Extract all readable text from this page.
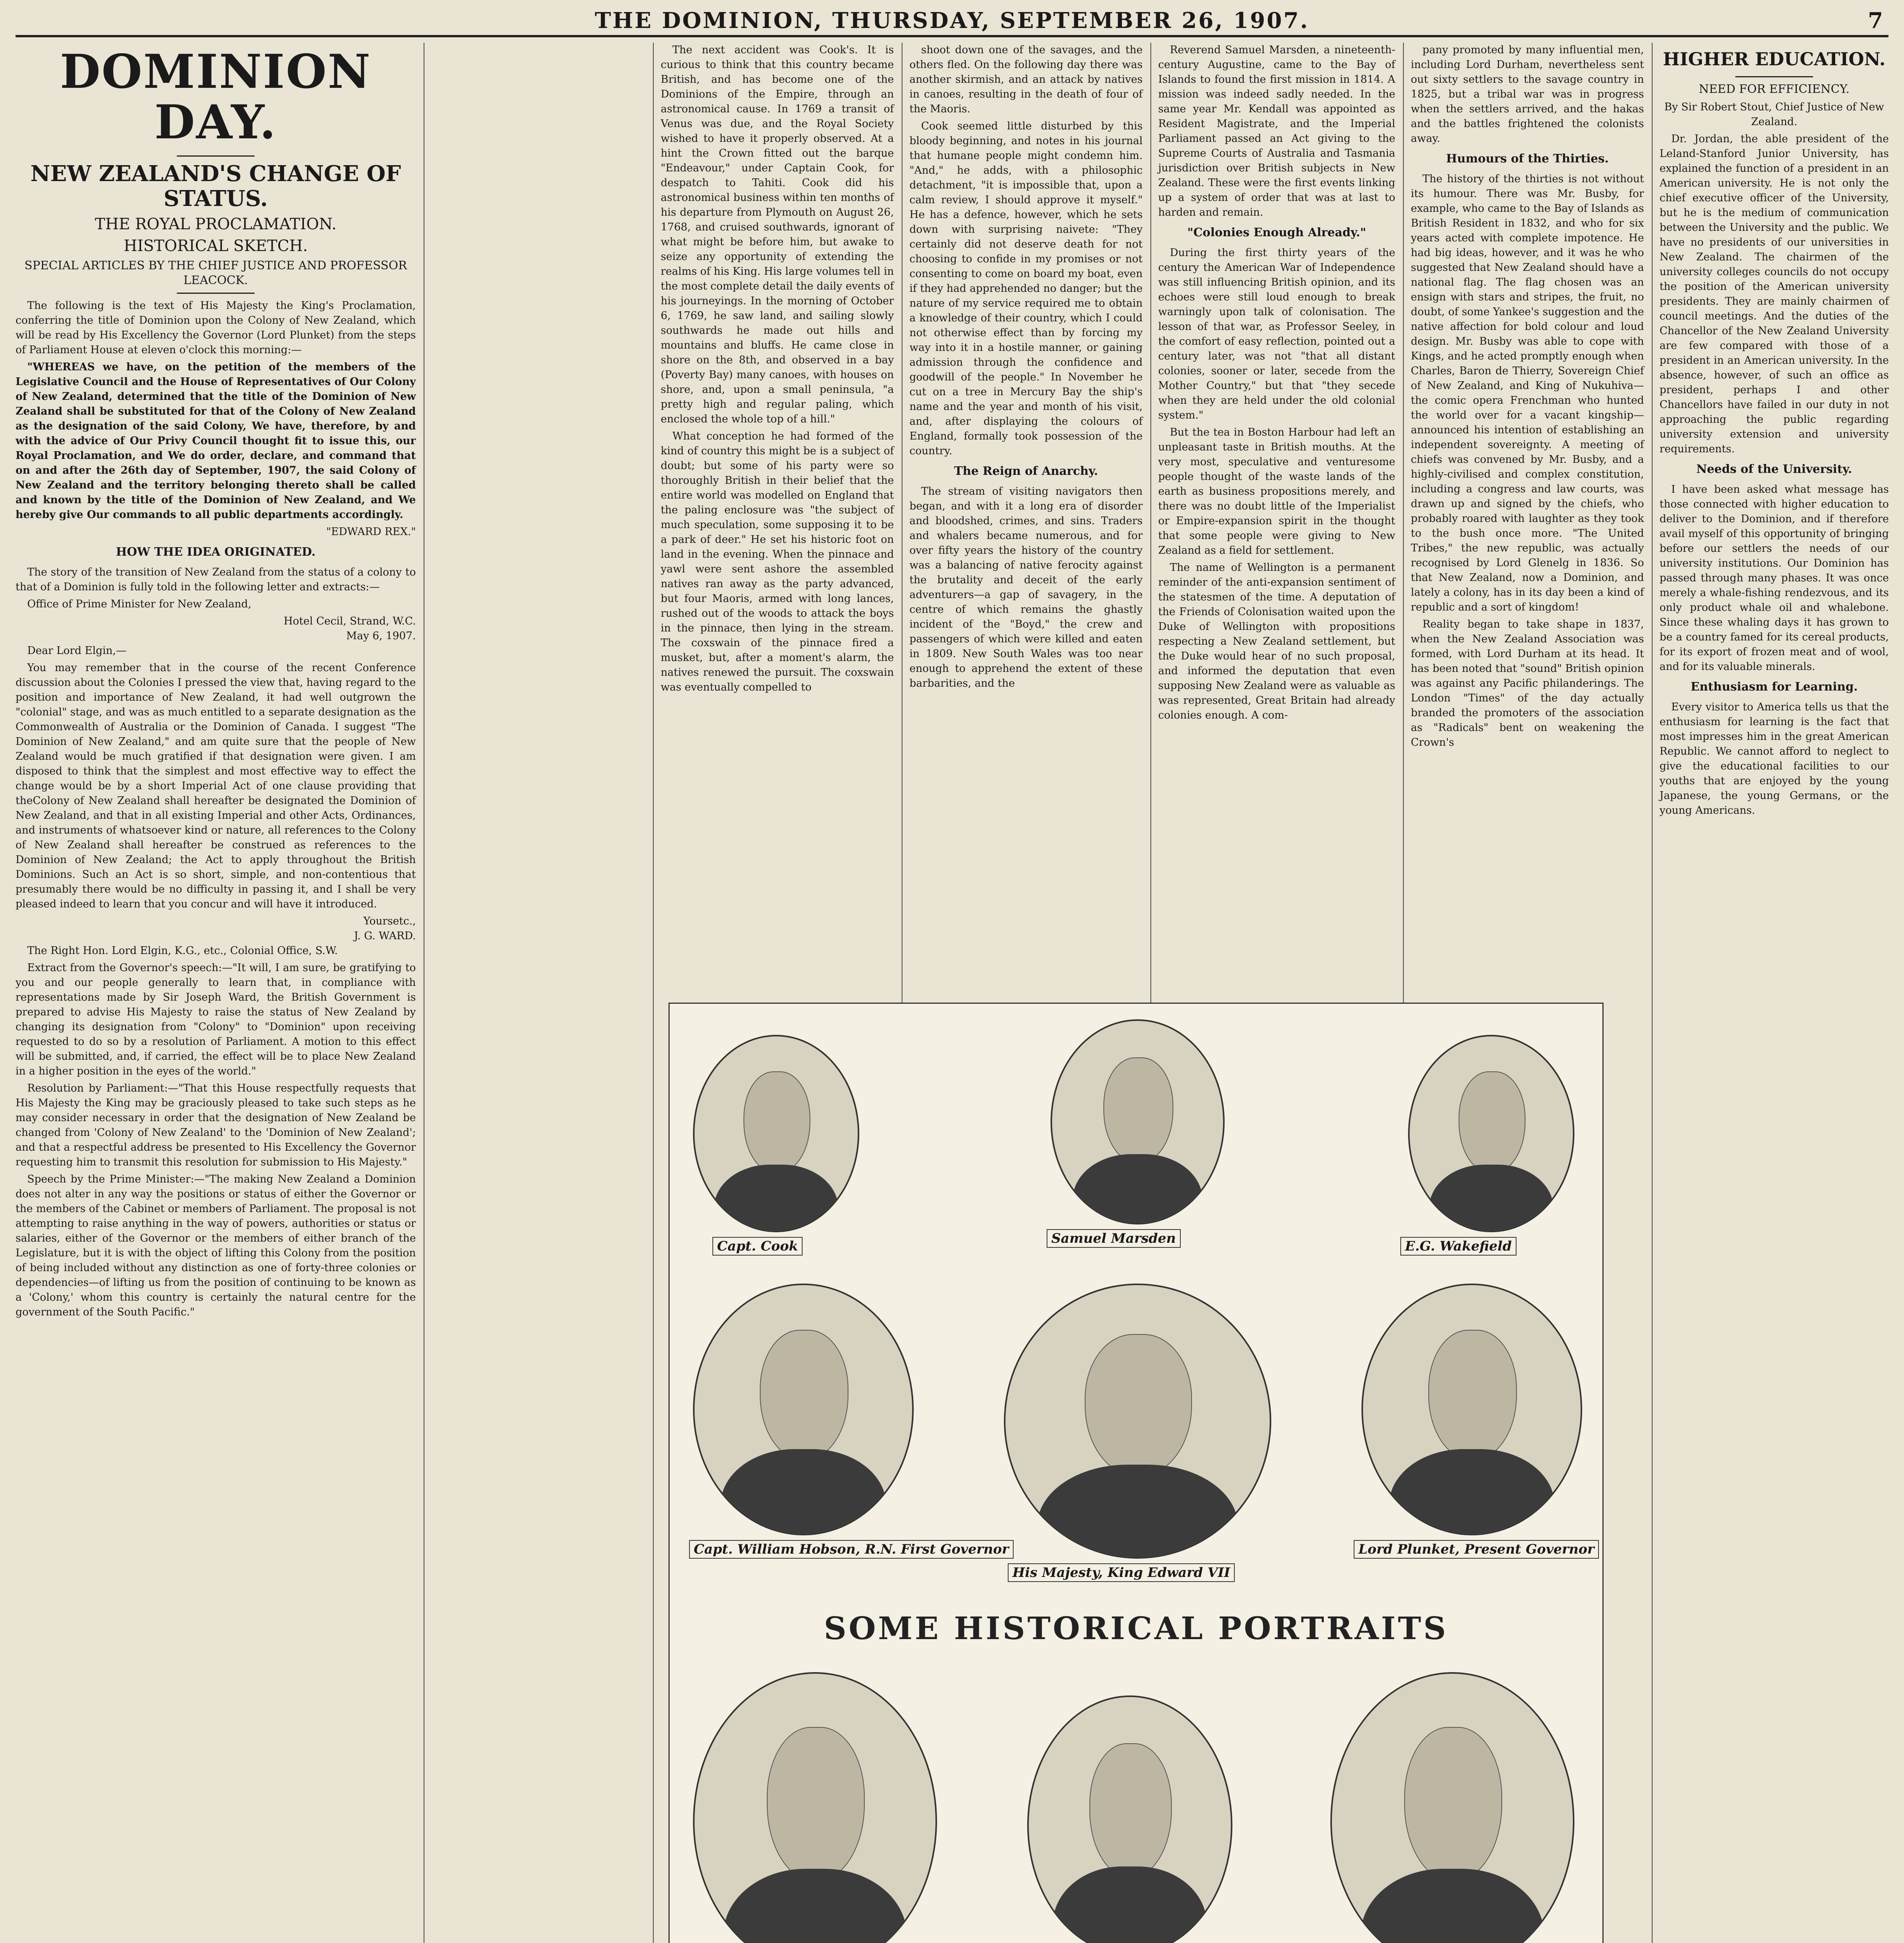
THE DOMINION, THURSDAY, SEPTEMBER 26, 1907.	7
DOMINION DAY.
NEW ZEALAND'S CHANGE OF STATUS.
THE ROYAL PROCLAMATION.
HISTORICAL SKETCH.
SPECIAL ARTICLES BY THE CHIEF JUSTICE AND PROFESSOR LEACOCK.

The following is the text of His Majesty the King's Proclamation, conferring the title of Dominion upon the Colony of New Zealand, which will be read by His Excellency the Governor (Lord Plunket) from the steps of Parliament House at eleven o'clock this morning:—

"WHEREAS we have, on the petition of the members of the Legislative Council and the House of Representatives of Our Colony of New Zealand, determined that the title of the Dominion of New Zealand shall be substituted for that of the Colony of New Zealand as the designation of the said Colony, We have, therefore, by and with the advice of Our Privy Council thought fit to issue this, our Royal Proclamation, and We do order, declare, and command that on and after the 26th day of September, 1907, the said Colony of New Zealand and the territory belonging thereto shall be called and known by the title of the Dominion of New Zealand, and We hereby give Our commands to all public departments accordingly.

"EDWARD REX."
HOW THE IDEA ORIGINATED.

The story of the transition of New Zealand from the status of a colony to that of a Dominion is fully told in the following letter and extracts:—

Office of Prime Minister for New Zealand,

Hotel Cecil, Strand, W.C.
May 6, 1907.

Dear Lord Elgin,—

You may remember that in the course of the recent Conference discussion about the Colonies I pressed the view that, having regard to the position and importance of New Zealand, it had well outgrown the "colonial" stage, and was as much entitled to a separate designation as the Commonwealth of Australia or the Dominion of Canada. I suggest "The Dominion of New Zealand," and am quite sure that the people of New Zealand would be much gratified if that designation were given. I am disposed to think that the simplest and most effective way to effect the change would be by a short Imperial Act of one clause providing that theColony of New Zealand shall hereafter be designated the Dominion of New Zealand, and that in all existing Imperial and other Acts, Ordinances, and instruments of whatsoever kind or nature, all references to the Colony of New Zealand shall hereafter be construed as references to the Dominion of New Zealand; the Act to apply throughout the British Dominions. Such an Act is so short, simple, and non-contentious that presumably there would be no difficulty in passing it, and I shall be very pleased indeed to learn that you concur and will have it introduced.

Yoursetc.,
J. G. WARD.

The Right Hon. Lord Elgin, K.G., etc., Colonial Office, S.W.

Extract from the Governor's speech:—"It will, I am sure, be gratifying to you and our people generally to learn that, in compliance with representations made by Sir Joseph Ward, the British Government is prepared to advise His Majesty to raise the status of New Zealand by changing its designation from "Colony" to "Dominion" upon receiving requested to do so by a resolution of Parliament. A motion to this effect will be submitted, and, if carried, the effect will be to place New Zealand in a higher position in the eyes of the world."

Resolution by Parliament:—"That this House respectfully requests that His Majesty the King may be graciously pleased to take such steps as he may consider necessary in order that the designation of New Zealand be changed from 'Colony of New Zealand' to the 'Dominion of New Zealand'; and that a respectful address be presented to His Excellency the Governor requesting him to transmit this resolution for submission to His Majesty."

Speech by the Prime Minister:—"The making New Zealand a Dominion does not alter in any way the positions or status of either the Governor or the members of the Cabinet or members of Parliament. The proposal is not attempting to raise anything in the way of powers, authorities or status or salaries, either of the Governor or the members of either branch of the Legislature, but it is with the object of lifting this Colony from the position of being included without any distinction as one of forty-three colonies or dependencies—of lifting us from the position of continuing to be known as a 'Colony,' whom this country is certainly the natural centre for the government of the South Pacific."

The next accident was Cook's. It is curious to think that this country became British, and has become one of the Dominions of the Empire, through an astronomical cause. In 1769 a transit of Venus was due, and the Royal Society wished to have it properly observed. At a hint the Crown fitted out the barque "Endeavour," under Captain Cook, for despatch to Tahiti. Cook did his astronomical business within ten months of his departure from Plymouth on August 26, 1768, and cruised southwards, ignorant of what might be before him, but awake to seize any opportunity of extending the realms of his King. His large volumes tell in the most complete detail the daily events of his journeyings. In the morning of October 6, 1769, he saw land, and sailing slowly southwards he made out hills and mountains and bluffs. He came close in shore on the 8th, and observed in a bay (Poverty Bay) many canoes, with houses on shore, and, upon a small peninsula, "a pretty high and regular paling, which enclosed the whole top of a hill."

What conception he had formed of the kind of country this might be is a subject of doubt; but some of his party were so thoroughly British in their belief that the entire world was modelled on England that the paling enclosure was "the subject of much speculation, some supposing it to be a park of deer." He set his historic foot on land in the evening. When the pinnace and yawl were sent ashore the assembled natives ran away as the party advanced, but four Maoris, armed with long lances, rushed out of the woods to attack the boys in the pinnace, then lying in the stream. The coxswain of the pinnace fired a musket, but, after a moment's alarm, the natives renewed the pursuit. The coxswain was eventually compelled to

shoot down one of the savages, and the others fled. On the following day there was another skirmish, and an attack by natives in canoes, resulting in the death of four of the Maoris.

Cook seemed little disturbed by this bloody beginning, and notes in his journal that humane people might condemn him. "And," he adds, with a philosophic detachment, "it is impossible that, upon a calm review, I should approve it myself." He has a defence, however, which he sets down with surprising naivete: "They certainly did not deserve death for not choosing to confide in my promises or not consenting to come on board my boat, even if they had apprehended no danger; but the nature of my service required me to obtain a knowledge of their country, which I could not otherwise effect than by forcing my way into it in a hostile manner, or gaining admission through the confidence and goodwill of the people." In November he cut on a tree in Mercury Bay the ship's name and the year and month of his visit, and, after displaying the colours of England, formally took possession of the country.

The Reign of Anarchy.

The stream of visiting navigators then began, and with it a long era of disorder and bloodshed, crimes, and sins. Traders and whalers became numerous, and for over fifty years the history of the country was a balancing of native ferocity against the brutality and deceit of the early adventurers—a gap of savagery, in the centre of which remains the ghastly incident of the "Boyd," the crew and passengers of which were killed and eaten in 1809. New South Wales was too near enough to apprehend the extent of these barbarities, and the

Reverend Samuel Marsden, a nineteenth-century Augustine, came to the Bay of Islands to found the first mission in 1814. A mission was indeed sadly needed. In the same year Mr. Kendall was appointed as Resident Magistrate, and the Imperial Parliament passed an Act giving to the Supreme Courts of Australia and Tasmania jurisdiction over British subjects in New Zealand. These were the first events linking up a system of order that was at last to harden and remain.

"Colonies Enough Already."

During the first thirty years of the century the American War of Independence was still influencing British opinion, and its echoes were still loud enough to break warningly upon talk of colonisation. The lesson of that war, as Professor Seeley, in the comfort of easy reflection, pointed out a century later, was not "that all distant colonies, sooner or later, secede from the Mother Country," but that "they secede when they are held under the old colonial system."

But the tea in Boston Harbour had left an unpleasant taste in British mouths. At the very most, speculative and venturesome people thought of the waste lands of the earth as business propositions merely, and there was no doubt little of the Imperialist or Empire-expansion spirit in the thought that some people were giving to New Zealand as a field for settlement.

The name of Wellington is a permanent reminder of the anti-expansion sentiment of the statesmen of the time. A deputation of the Friends of Colonisation waited upon the Duke of Wellington with propositions respecting a New Zealand settlement, but the Duke would hear of no such proposal, and informed the deputation that even supposing New Zealand were as valuable as was represented, Great Britain had already colonies enough. A com-

pany promoted by many influential men, including Lord Durham, nevertheless sent out sixty settlers to the savage country in 1825, but a tribal war was in progress when the settlers arrived, and the hakas and the battles frightened the colonists away.

Humours of the Thirties.

The history of the thirties is not without its humour. There was Mr. Busby, for example, who came to the Bay of Islands as British Resident in 1832, and who for six years acted with complete impotence. He had big ideas, however, and it was he who suggested that New Zealand should have a national flag. The flag chosen was an ensign with stars and stripes, the fruit, no doubt, of some Yankee's suggestion and the native affection for bold colour and loud design. Mr. Busby was able to cope with Kings, and he acted promptly enough when Charles, Baron de Thierry, Sovereign Chief of New Zealand, and King of Nukuhiva—the comic opera Frenchman who hunted the world over for a vacant kingship—announced his intention of establishing an independent sovereignty. A meeting of chiefs was convened by Mr. Busby, and a highly-civilised and complex constitution, including a congress and law courts, was drawn up and signed by the chiefs, who probably roared with laughter as they took to the bush once more. "The United Tribes," the new republic, was actually recognised by Lord Glenelg in 1836. So that New Zealand, now a Dominion, and lately a colony, has in its day been a kind of republic and a sort of kingdom!

Reality began to take shape in 1837, when the New Zealand Association was formed, with Lord Durham at its head. It has been noted that "sound" British opinion was against any Pacific philanderings. The London "Times" of the day actually branded the promoters of the association as "Radicals" bent on weakening the Crown's

HIGHER EDUCATION.
NEED FOR EFFICIENCY.

By Sir Robert Stout, Chief Justice of New Zealand.

Dr. Jordan, the able president of the Leland-Stanford Junior University, has explained the function of a president in an American university. He is not only the chief executive officer of the University, but he is the medium of communication between the University and the public. We have no presidents of our universities in New Zealand. The chairmen of the university colleges councils do not occupy the position of the American university presidents. They are mainly chairmen of council meetings. And the duties of the Chancellor of the New Zealand University are few compared with those of a president in an American university. In the absence, however, of such an office as president, perhaps I and other Chancellors have failed in our duty in not approaching the public regarding university extension and university requirements.

Needs of the University.

I have been asked what message has those connected with higher education to deliver to the Dominion, and if therefore avail myself of this opportunity of bringing before our settlers the needs of our university institutions. Our Dominion has passed through many phases. It was once merely a whale-fishing rendezvous, and its only product whale oil and whalebone. Since these whaling days it has grown to be a country famed for its cereal products, for its export of frozen meat and of wool, and for its valuable minerals.

Enthusiasm for Learning.

Every visitor to America tells us that the enthusiasm for learning is the fact that most impresses him in the great American Republic. We cannot afford to neglect to give the educational facilities to our youths that are enjoyed by the young Japanese, the young Germans, or the young Americans.

Capt. Cook	Samuel Marsden	E.G. Wakefield
Capt. William Hobson, R.N. First Governor
His Majesty, King Edward VII
Lord Plunket, Present Governor
SOME HISTORICAL PORTRAITS
